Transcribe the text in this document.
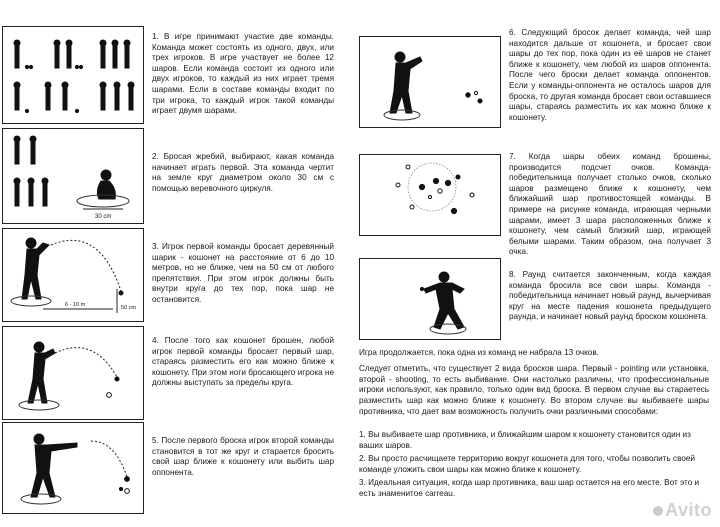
1. В игре принимают участие две команды. Команда может состоять из одного, двух, или трех игроков. В игре участвует не более 12 шаров. Если команда состоит из одного или двух игроков, то каждый из них играет тремя шарами. Если в составе команды входит по три игрока, то каждый игрок такой команды играет двумя шарами.

30 cm

2. Бросая жребий, выбирают, какая команда начинает играть первой. Эта команда чертит на земле круг диаметром около 30 см с помощью веревочного циркуля.

6 - 10 m	50 cm

3. Игрок первой команды бросает деревянный шарик - кошонет на расстояние от 6 до 10 метров, но не ближе, чем на 50 см от любого препятствия. При этом игрок должны быть внутри круга до тех пор, пока шар не остановится.

4. После того как кошонет брошен, любой игрок первой команды бросает первый шар, стараясь разместить его как можно ближе к кошонету. При этом ноги бросающего игрока не должны выступать за пределы круга.

5. После первого броска игрок второй команды становится в тот же круг и старается бросить свой шар ближе к кошонету или выбить шар оппонента.

6. Следующий бросок делает команда, чей шар находится дальше от кошонета, и бросает свои шары до тех пор, пока один из её шаров не станет ближе к кошонету, чем любой из шаров оппонента. После чего броски делает команда оппонентов. Если у команды-оппонента не осталось шаров для броска, то другая команда бросает свои оставшиеся шары, стараясь разместить их как можно ближе к кошонету.

7. Когда шары обеих команд брошены, производится подсчет очков. Команда-победительница получает столько очков, сколько шаров размещено ближе к кошонету, чем ближайший шар противостоящей команды. В примере на рисунке команда, играющая черными шарами, имеет 3 шара расположенных ближе к кошонету, чем самый близкий шар, играющей белыми шарами. Таким образом, она получает 3 очка.

8. Раунд считается законченным, когда каждая команда бросила все свои шары. Команда - победительница начинает новый раунд, вычерчивая круг на месте падения кошонета предыдущего раунда, и начинает новый раунд броском кошонета.

Игра продолжается, пока одна из команд не набрала 13 очков.

Следует отметить, что существует 2 вида бросков шара. Первый - pointing или установка, второй - shooting, то есть выбивание. Они настолько различны, что профессиональные игроки используют, как правило, только один вид броска. В первом случае вы стараетесь разместить шар как можно ближе к кошонету. Во втором случае вы выбиваете шары противника, что дает вам возможность получить очки различными способами:

1. Вы выбиваете шар противника, и ближайшим шаром к кошонету становится один из ваших шаров.

2. Вы просто расчищаете территорию вокруг кошонета для того, чтобы позволить своей команде уложить свои шары как можно ближе к кошонету.

3. Идеальная ситуация, когда шар противника, ваш шар остается на его месте. Вот это и есть знаменитое carreau.

Avito
